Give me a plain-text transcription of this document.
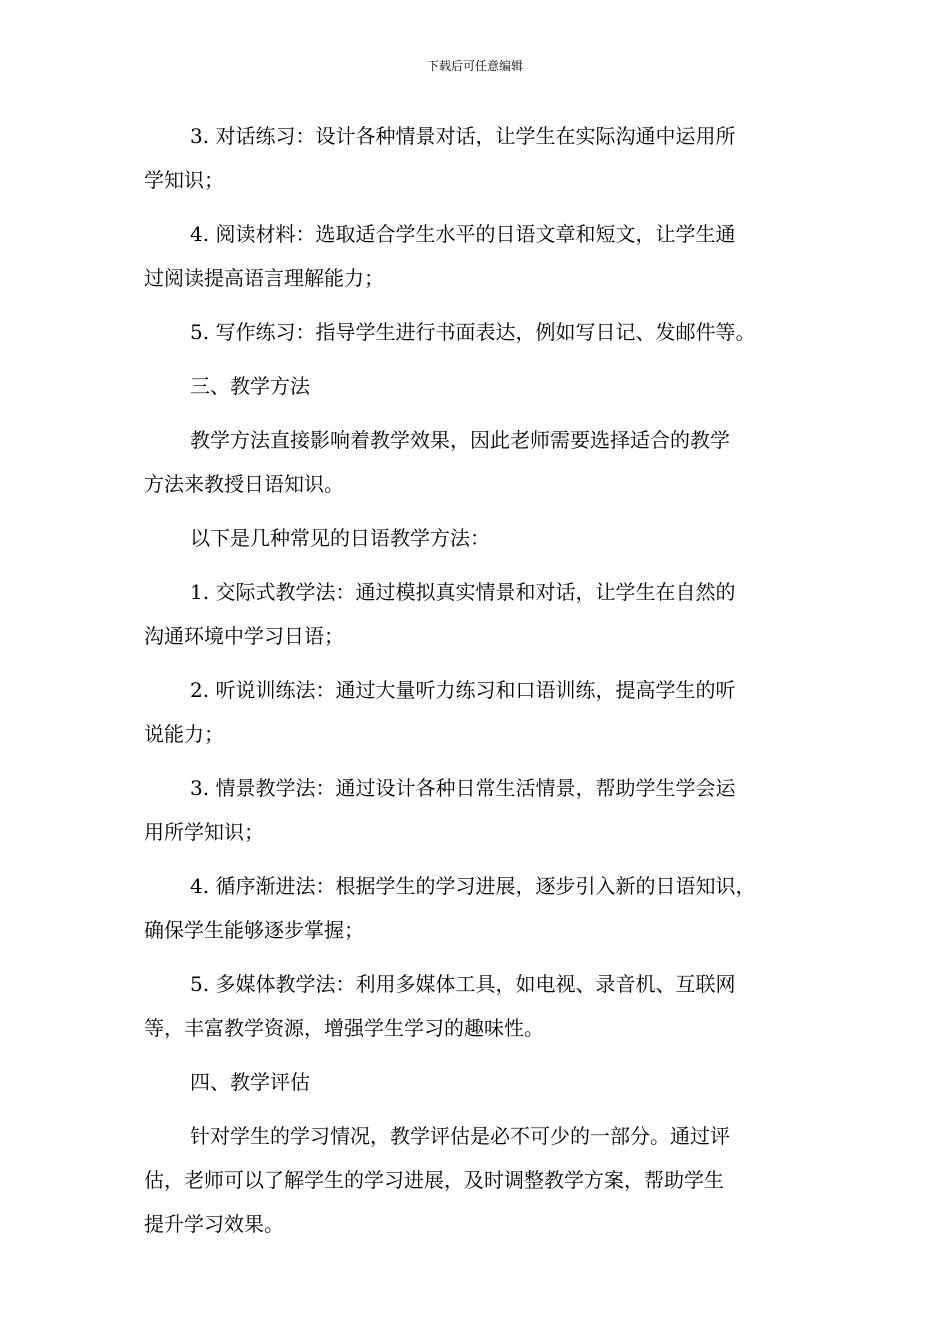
下载后可任意编辑

3. 对话练习：设计各种情景对话，让学生在实际沟通中运用所
学知识；

4. 阅读材料：选取适合学生水平的日语文章和短文，让学生通
过阅读提高语言理解能力；

5. 写作练习：指导学生进行书面表达，例如写日记、发邮件等。

三、教学方法

教学方法直接影响着教学效果，因此老师需要选择适合的教学
方法来教授日语知识。

以下是几种常见的日语教学方法：

1. 交际式教学法：通过模拟真实情景和对话，让学生在自然的
沟通环境中学习日语；

2. 听说训练法：通过大量听力练习和口语训练，提高学生的听
说能力；

3. 情景教学法：通过设计各种日常生活情景，帮助学生学会运
用所学知识；

4. 循序渐进法：根据学生的学习进展，逐步引入新的日语知识，
确保学生能够逐步掌握；

5. 多媒体教学法：利用多媒体工具，如电视、录音机、互联网
等，丰富教学资源，增强学生学习的趣味性。

四、教学评估

针对学生的学习情况，教学评估是必不可少的一部分。通过评
估，老师可以了解学生的学习进展，及时调整教学方案，帮助学生
提升学习效果。
